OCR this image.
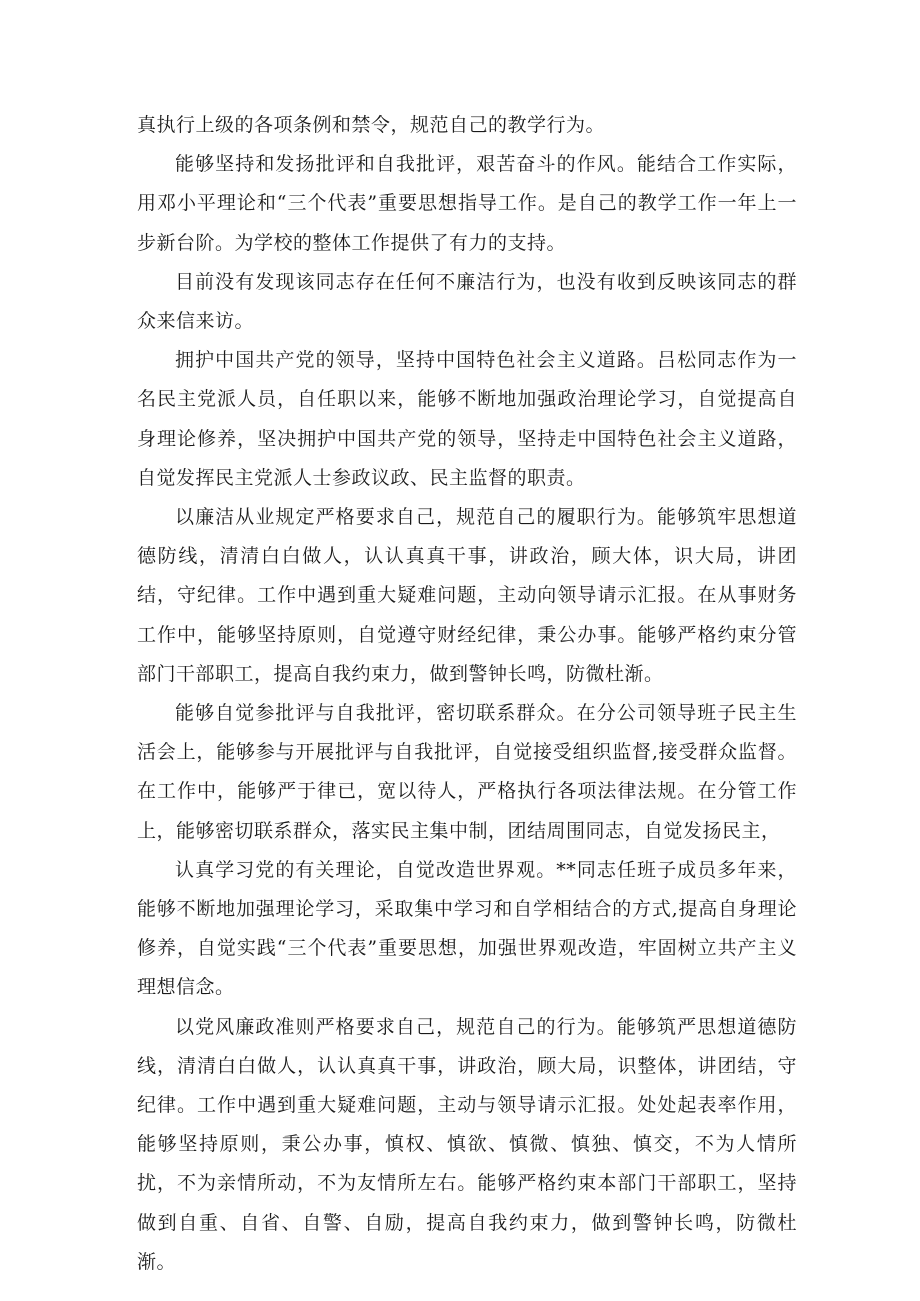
真执行上级的各项条例和禁令，规范自己的教学行为。

能够坚持和发扬批评和自我批评，艰苦奋斗的作风。能结合工作实际，用邓小平理论和“三个代表”重要思想指导工作。是自己的教学工作一年上一步新台阶。为学校的整体工作提供了有力的支持。

目前没有发现该同志存在任何不廉洁行为，也没有收到反映该同志的群众来信来访。

拥护中国共产党的领导，坚持中国特色社会主义道路。吕松同志作为一名民主党派人员，自任职以来，能够不断地加强政治理论学习，自觉提高自身理论修养，坚决拥护中国共产党的领导，坚持走中国特色社会主义道路，自觉发挥民主党派人士参政议政、民主监督的职责。

以廉洁从业规定严格要求自己，规范自己的履职行为。能够筑牢思想道德防线，清清白白做人，认认真真干事，讲政治，顾大体，识大局，讲团结，守纪律。工作中遇到重大疑难问题，主动向领导请示汇报。在从事财务工作中，能够坚持原则，自觉遵守财经纪律，秉公办事。能够严格约束分管部门干部职工，提高自我约束力，做到警钟长鸣，防微杜渐。

能够自觉参批评与自我批评，密切联系群众。在分公司领导班子民主生活会上，能够参与开展批评与自我批评，自觉接受组织监督,接受群众监督。在工作中，能够严于律已，宽以待人，严格执行各项法律法规。在分管工作上，能够密切联系群众，落实民主集中制，团结周围同志，自觉发扬民主，

认真学习党的有关理论，自觉改造世界观。**同志任班子成员多年来，能够不断地加强理论学习，采取集中学习和自学相结合的方式,提高自身理论修养，自觉实践“三个代表”重要思想，加强世界观改造，牢固树立共产主义理想信念。

以党风廉政准则严格要求自己，规范自己的行为。能够筑严思想道德防线，清清白白做人，认认真真干事，讲政治，顾大局，识整体，讲团结，守纪律。工作中遇到重大疑难问题，主动与领导请示汇报。处处起表率作用，能够坚持原则，秉公办事，慎权、慎欲、慎微、慎独、慎交，不为人情所扰，不为亲情所动，不为友情所左右。能够严格约束本部门干部职工，坚持做到自重、自省、自警、自励，提高自我约束力，做到警钟长鸣，防微杜渐。
